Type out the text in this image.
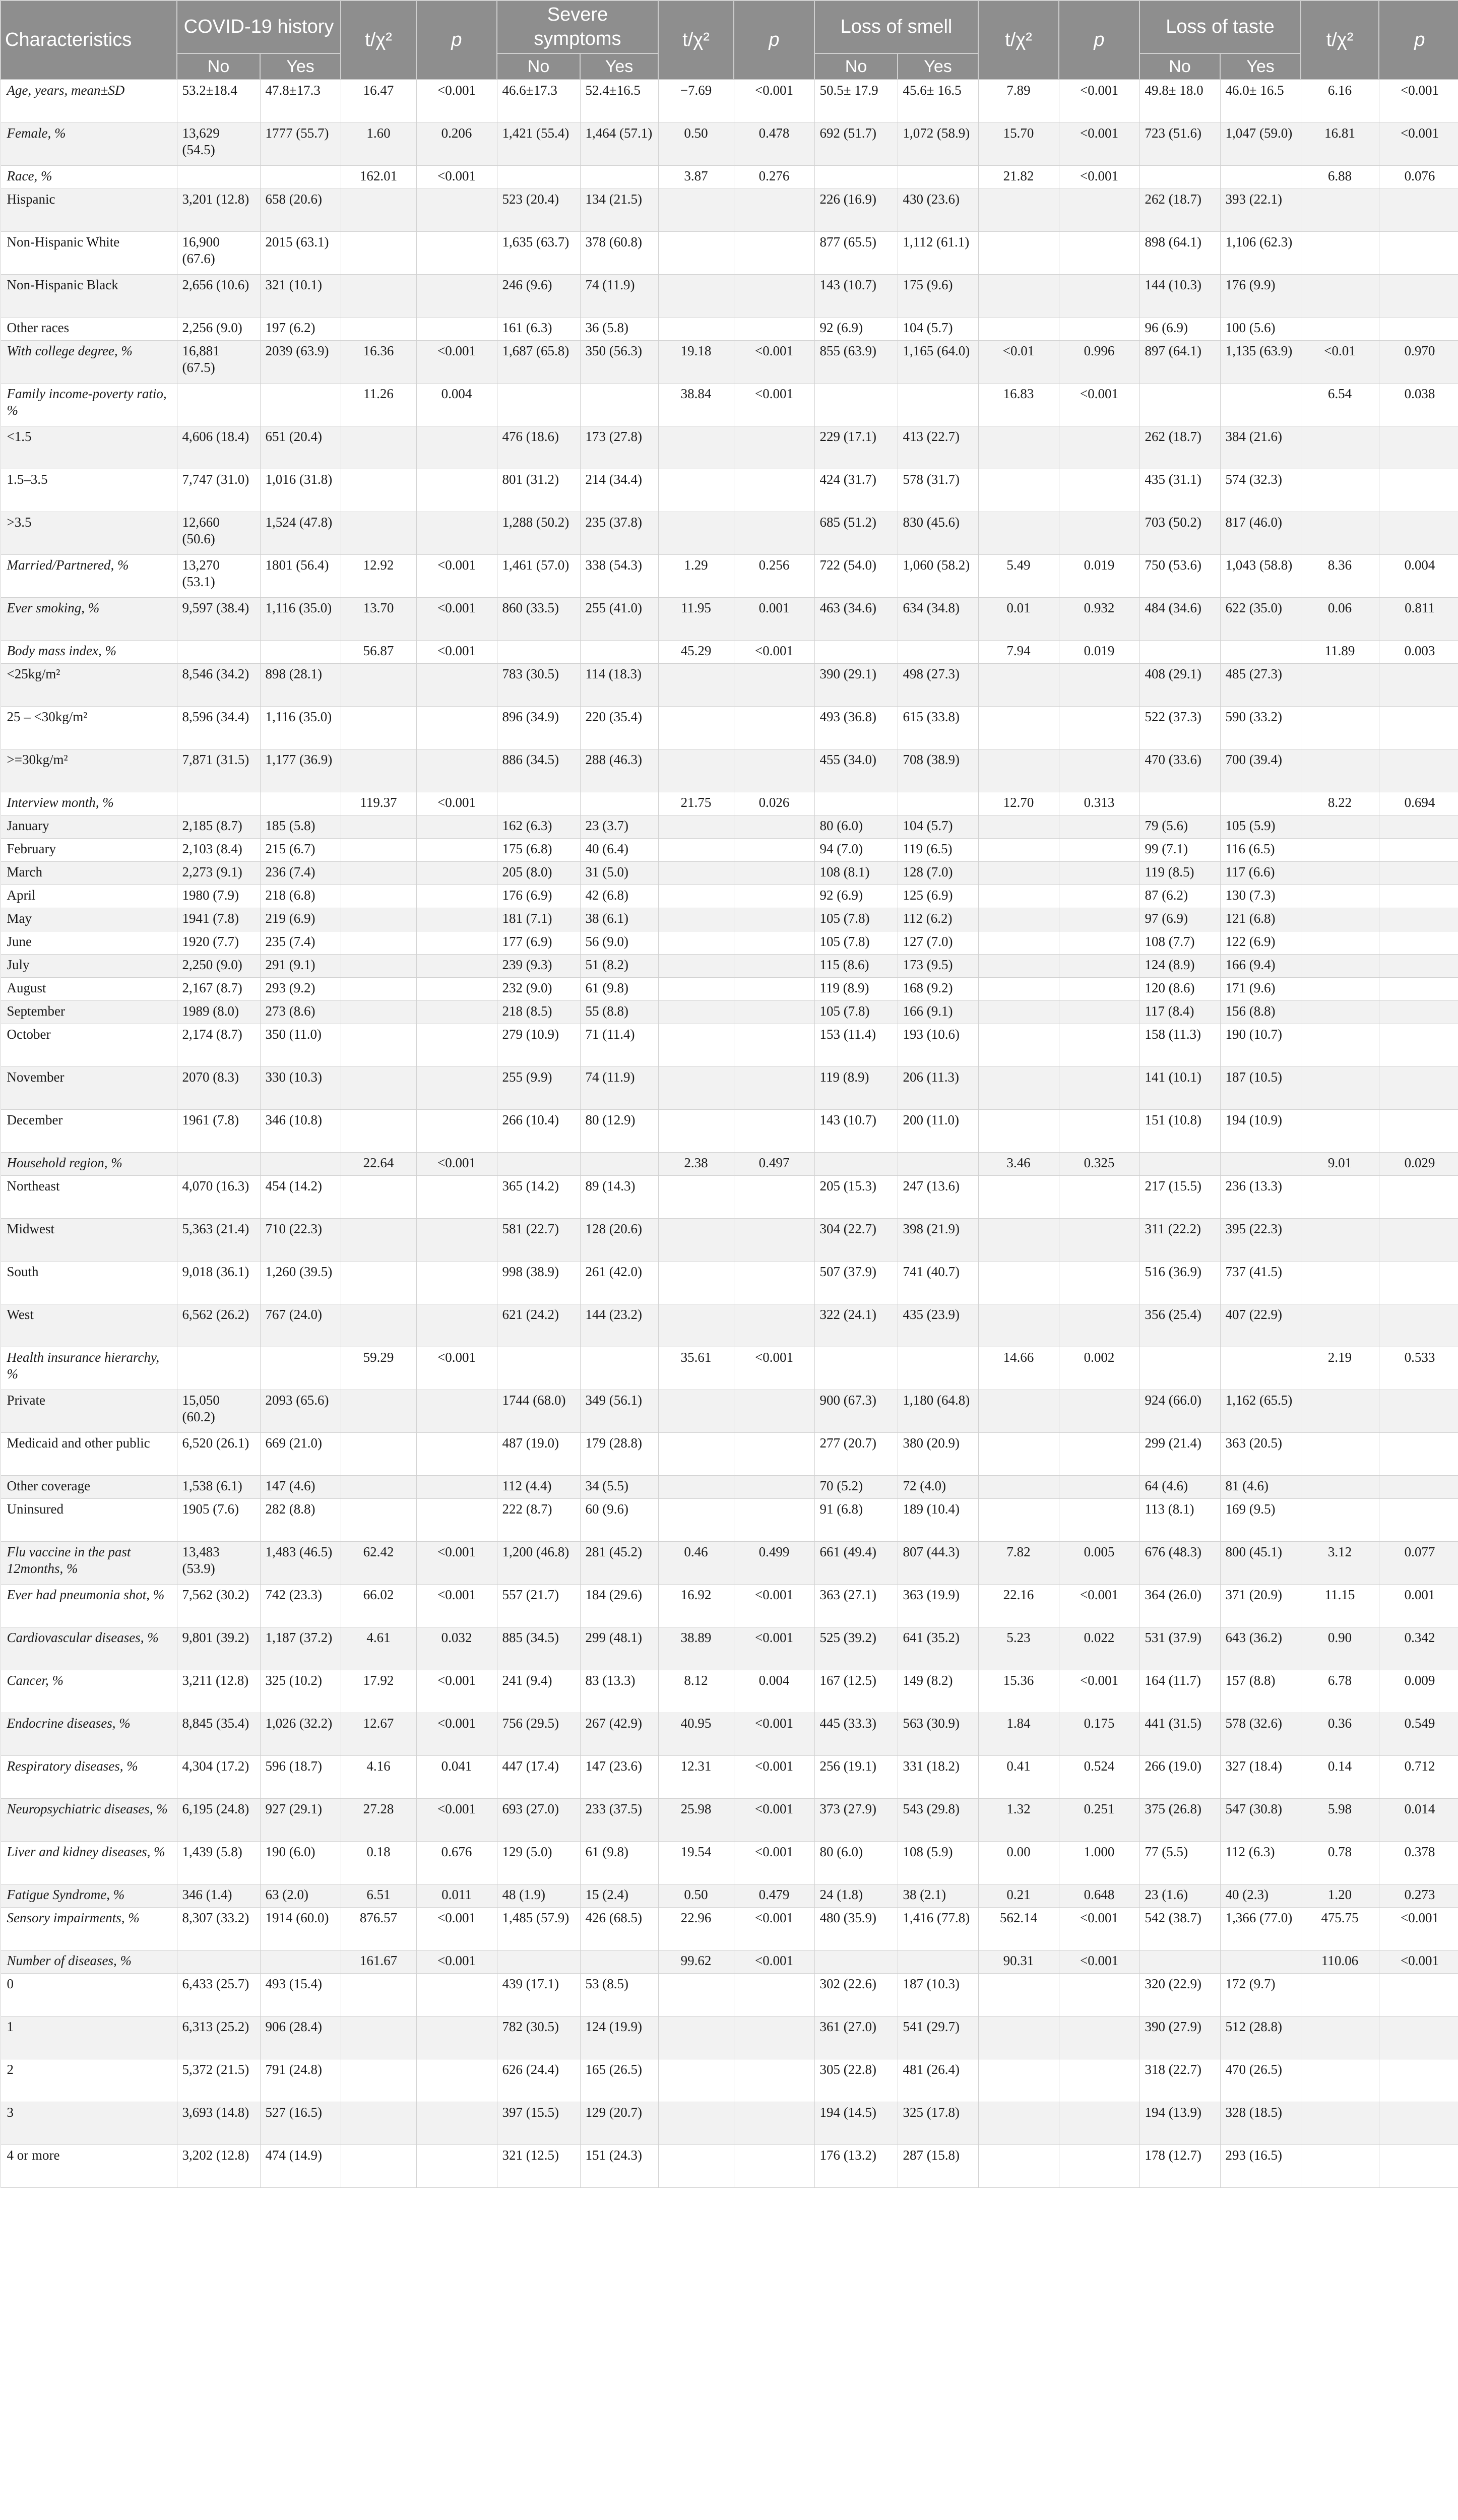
Characteristics	COVID-19 history		t/χ²	p	Severe symptoms		t/χ²	p	Loss of smell		t/χ²	p	Loss of taste		t/χ²	p
	No	Yes			No	Yes			No	Yes			No	Yes		
Age, years, mean±SD	53.2±18.4	47.8±17.3	16.47	<0.001	46.6±17.3	52.4±16.5	−7.69	<0.001	50.5± 17.9	45.6± 16.5	7.89	<0.001	49.8± 18.0	46.0± 16.5	6.16	<0.001
Female, %	13,629 (54.5)	1777 (55.7)	1.60	0.206	1,421 (55.4)	1,464 (57.1)	0.50	0.478	692 (51.7)	1,072 (58.9)	15.70	<0.001	723 (51.6)	1,047 (59.0)	16.81	<0.001
Race, %			162.01	<0.001			3.87	0.276			21.82	<0.001			6.88	0.076
Hispanic	3,201 (12.8)	658 (20.6)			523 (20.4)	134 (21.5)			226 (16.9)	430 (23.6)			262 (18.7)	393 (22.1)		
Non-Hispanic White	16,900 (67.6)	2015 (63.1)			1,635 (63.7)	378 (60.8)			877 (65.5)	1,112 (61.1)			898 (64.1)	1,106 (62.3)		
Non-Hispanic Black	2,656 (10.6)	321 (10.1)			246 (9.6)	74 (11.9)			143 (10.7)	175 (9.6)			144 (10.3)	176 (9.9)		
Other races	2,256 (9.0)	197 (6.2)			161 (6.3)	36 (5.8)			92 (6.9)	104 (5.7)			96 (6.9)	100 (5.6)		
With college degree, %	16,881 (67.5)	2039 (63.9)	16.36	<0.001	1,687 (65.8)	350 (56.3)	19.18	<0.001	855 (63.9)	1,165 (64.0)	<0.01	0.996	897 (64.1)	1,135 (63.9)	<0.01	0.970
Family income-poverty ratio, %			11.26	0.004			38.84	<0.001			16.83	<0.001			6.54	0.038
<1.5	4,606 (18.4)	651 (20.4)			476 (18.6)	173 (27.8)			229 (17.1)	413 (22.7)			262 (18.7)	384 (21.6)		
1.5–3.5	7,747 (31.0)	1,016 (31.8)			801 (31.2)	214 (34.4)			424 (31.7)	578 (31.7)			435 (31.1)	574 (32.3)		
>3.5	12,660 (50.6)	1,524 (47.8)			1,288 (50.2)	235 (37.8)			685 (51.2)	830 (45.6)			703 (50.2)	817 (46.0)		
Married/Partnered, %	13,270 (53.1)	1801 (56.4)	12.92	<0.001	1,461 (57.0)	338 (54.3)	1.29	0.256	722 (54.0)	1,060 (58.2)	5.49	0.019	750 (53.6)	1,043 (58.8)	8.36	0.004
Ever smoking, %	9,597 (38.4)	1,116 (35.0)	13.70	<0.001	860 (33.5)	255 (41.0)	11.95	0.001	463 (34.6)	634 (34.8)	0.01	0.932	484 (34.6)	622 (35.0)	0.06	0.811
Body mass index, %			56.87	<0.001			45.29	<0.001			7.94	0.019			11.89	0.003
<25kg/m²	8,546 (34.2)	898 (28.1)			783 (30.5)	114 (18.3)			390 (29.1)	498 (27.3)			408 (29.1)	485 (27.3)		
25 – <30kg/m²	8,596 (34.4)	1,116 (35.0)			896 (34.9)	220 (35.4)			493 (36.8)	615 (33.8)			522 (37.3)	590 (33.2)		
>=30kg/m²	7,871 (31.5)	1,177 (36.9)			886 (34.5)	288 (46.3)			455 (34.0)	708 (38.9)			470 (33.6)	700 (39.4)		
Interview month, %			119.37	<0.001			21.75	0.026			12.70	0.313			8.22	0.694
January	2,185 (8.7)	185 (5.8)			162 (6.3)	23 (3.7)			80 (6.0)	104 (5.7)			79 (5.6)	105 (5.9)		
February	2,103 (8.4)	215 (6.7)			175 (6.8)	40 (6.4)			94 (7.0)	119 (6.5)			99 (7.1)	116 (6.5)		
March	2,273 (9.1)	236 (7.4)			205 (8.0)	31 (5.0)			108 (8.1)	128 (7.0)			119 (8.5)	117 (6.6)		
April	1980 (7.9)	218 (6.8)			176 (6.9)	42 (6.8)			92 (6.9)	125 (6.9)			87 (6.2)	130 (7.3)		
May	1941 (7.8)	219 (6.9)			181 (7.1)	38 (6.1)			105 (7.8)	112 (6.2)			97 (6.9)	121 (6.8)		
June	1920 (7.7)	235 (7.4)			177 (6.9)	56 (9.0)			105 (7.8)	127 (7.0)			108 (7.7)	122 (6.9)		
July	2,250 (9.0)	291 (9.1)			239 (9.3)	51 (8.2)			115 (8.6)	173 (9.5)			124 (8.9)	166 (9.4)		
August	2,167 (8.7)	293 (9.2)			232 (9.0)	61 (9.8)			119 (8.9)	168 (9.2)			120 (8.6)	171 (9.6)		
September	1989 (8.0)	273 (8.6)			218 (8.5)	55 (8.8)			105 (7.8)	166 (9.1)			117 (8.4)	156 (8.8)		
October	2,174 (8.7)	350 (11.0)			279 (10.9)	71 (11.4)			153 (11.4)	193 (10.6)			158 (11.3)	190 (10.7)		
November	2070 (8.3)	330 (10.3)			255 (9.9)	74 (11.9)			119 (8.9)	206 (11.3)			141 (10.1)	187 (10.5)		
December	1961 (7.8)	346 (10.8)			266 (10.4)	80 (12.9)			143 (10.7)	200 (11.0)			151 (10.8)	194 (10.9)		
Household region, %			22.64	<0.001			2.38	0.497			3.46	0.325			9.01	0.029
Northeast	4,070 (16.3)	454 (14.2)			365 (14.2)	89 (14.3)			205 (15.3)	247 (13.6)			217 (15.5)	236 (13.3)		
Midwest	5,363 (21.4)	710 (22.3)			581 (22.7)	128 (20.6)			304 (22.7)	398 (21.9)			311 (22.2)	395 (22.3)		
South	9,018 (36.1)	1,260 (39.5)			998 (38.9)	261 (42.0)			507 (37.9)	741 (40.7)			516 (36.9)	737 (41.5)		
West	6,562 (26.2)	767 (24.0)			621 (24.2)	144 (23.2)			322 (24.1)	435 (23.9)			356 (25.4)	407 (22.9)		
Health insurance hierarchy, %			59.29	<0.001			35.61	<0.001			14.66	0.002			2.19	0.533
Private	15,050 (60.2)	2093 (65.6)			1744 (68.0)	349 (56.1)			900 (67.3)	1,180 (64.8)			924 (66.0)	1,162 (65.5)		
Medicaid and other public	6,520 (26.1)	669 (21.0)			487 (19.0)	179 (28.8)			277 (20.7)	380 (20.9)			299 (21.4)	363 (20.5)		
Other coverage	1,538 (6.1)	147 (4.6)			112 (4.4)	34 (5.5)			70 (5.2)	72 (4.0)			64 (4.6)	81 (4.6)		
Uninsured	1905 (7.6)	282 (8.8)			222 (8.7)	60 (9.6)			91 (6.8)	189 (10.4)			113 (8.1)	169 (9.5)		
Flu vaccine in the past 12months, %	13,483 (53.9)	1,483 (46.5)	62.42	<0.001	1,200 (46.8)	281 (45.2)	0.46	0.499	661 (49.4)	807 (44.3)	7.82	0.005	676 (48.3)	800 (45.1)	3.12	0.077
Ever had pneumonia shot, %	7,562 (30.2)	742 (23.3)	66.02	<0.001	557 (21.7)	184 (29.6)	16.92	<0.001	363 (27.1)	363 (19.9)	22.16	<0.001	364 (26.0)	371 (20.9)	11.15	0.001
Cardiovascular diseases, %	9,801 (39.2)	1,187 (37.2)	4.61	0.032	885 (34.5)	299 (48.1)	38.89	<0.001	525 (39.2)	641 (35.2)	5.23	0.022	531 (37.9)	643 (36.2)	0.90	0.342
Cancer, %	3,211 (12.8)	325 (10.2)	17.92	<0.001	241 (9.4)	83 (13.3)	8.12	0.004	167 (12.5)	149 (8.2)	15.36	<0.001	164 (11.7)	157 (8.8)	6.78	0.009
Endocrine diseases, %	8,845 (35.4)	1,026 (32.2)	12.67	<0.001	756 (29.5)	267 (42.9)	40.95	<0.001	445 (33.3)	563 (30.9)	1.84	0.175	441 (31.5)	578 (32.6)	0.36	0.549
Respiratory diseases, %	4,304 (17.2)	596 (18.7)	4.16	0.041	447 (17.4)	147 (23.6)	12.31	<0.001	256 (19.1)	331 (18.2)	0.41	0.524	266 (19.0)	327 (18.4)	0.14	0.712
Neuropsychiatric diseases, %	6,195 (24.8)	927 (29.1)	27.28	<0.001	693 (27.0)	233 (37.5)	25.98	<0.001	373 (27.9)	543 (29.8)	1.32	0.251	375 (26.8)	547 (30.8)	5.98	0.014
Liver and kidney diseases, %	1,439 (5.8)	190 (6.0)	0.18	0.676	129 (5.0)	61 (9.8)	19.54	<0.001	80 (6.0)	108 (5.9)	0.00	1.000	77 (5.5)	112 (6.3)	0.78	0.378
Fatigue Syndrome, %	346 (1.4)	63 (2.0)	6.51	0.011	48 (1.9)	15 (2.4)	0.50	0.479	24 (1.8)	38 (2.1)	0.21	0.648	23 (1.6)	40 (2.3)	1.20	0.273
Sensory impairments, %	8,307 (33.2)	1914 (60.0)	876.57	<0.001	1,485 (57.9)	426 (68.5)	22.96	<0.001	480 (35.9)	1,416 (77.8)	562.14	<0.001	542 (38.7)	1,366 (77.0)	475.75	<0.001
Number of diseases, %			161.67	<0.001			99.62	<0.001			90.31	<0.001			110.06	<0.001
0	6,433 (25.7)	493 (15.4)			439 (17.1)	53 (8.5)			302 (22.6)	187 (10.3)			320 (22.9)	172 (9.7)		
1	6,313 (25.2)	906 (28.4)			782 (30.5)	124 (19.9)			361 (27.0)	541 (29.7)			390 (27.9)	512 (28.8)		
2	5,372 (21.5)	791 (24.8)			626 (24.4)	165 (26.5)			305 (22.8)	481 (26.4)			318 (22.7)	470 (26.5)		
3	3,693 (14.8)	527 (16.5)			397 (15.5)	129 (20.7)			194 (14.5)	325 (17.8)			194 (13.9)	328 (18.5)		
4 or more	3,202 (12.8)	474 (14.9)			321 (12.5)	151 (24.3)			176 (13.2)	287 (15.8)			178 (12.7)	293 (16.5)		
